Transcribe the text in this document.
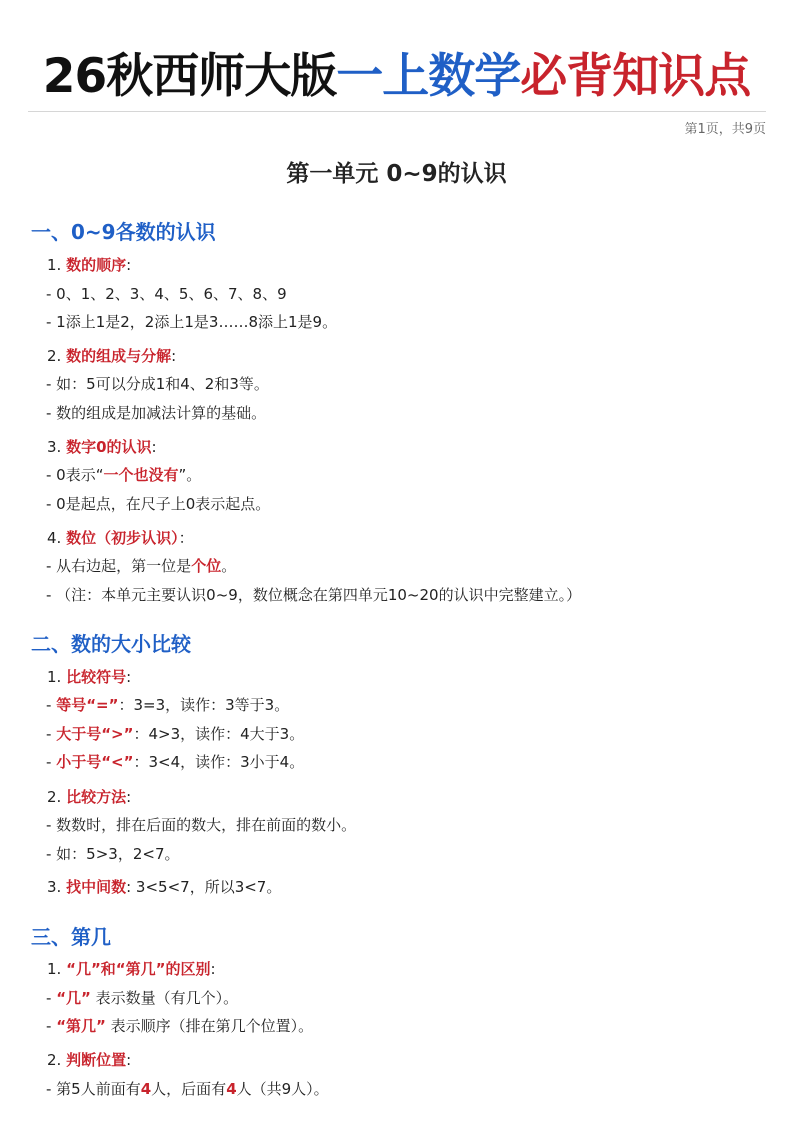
26秋西师大版一上数学必背知识点
第1页，共9页
第一单元 0~9的认识
一、0~9各数的认识
1. 数的顺序:
- 0、1、2、3、4、5、6、7、8、9
- 1添上1是2，2添上1是3……8添上1是9。
2. 数的组成与分解:
- 如：5可以分成1和4、2和3等。
- 数的组成是加减法计算的基础。
3. 数字0的认识:
- 0表示“一个也没有”。
- 0是起点，在尺子上0表示起点。
4. 数位（初步认识）：
- 从右边起，第一位是个位。
- （注：本单元主要认识0~9，数位概念在第四单元10~20的认识中完整建立。）
二、数的大小比较
1. 比较符号:
- 等号“=”：3=3，读作：3等于3。
- 大于号“>”：4>3，读作：4大于3。
- 小于号“<”：3<4，读作：3小于4。
2. 比较方法:
- 数数时，排在后面的数大，排在前面的数小。
- 如：5>3，2<7。
3. 找中间数: 3<5<7，所以3<7。
三、第几
1. “几”和“第几”的区别:
- “几” 表示数量（有几个）。
- “第几” 表示顺序（排在第几个位置）。
2. 判断位置:
- 第5人前面有4人，后面有4人（共9人）。
